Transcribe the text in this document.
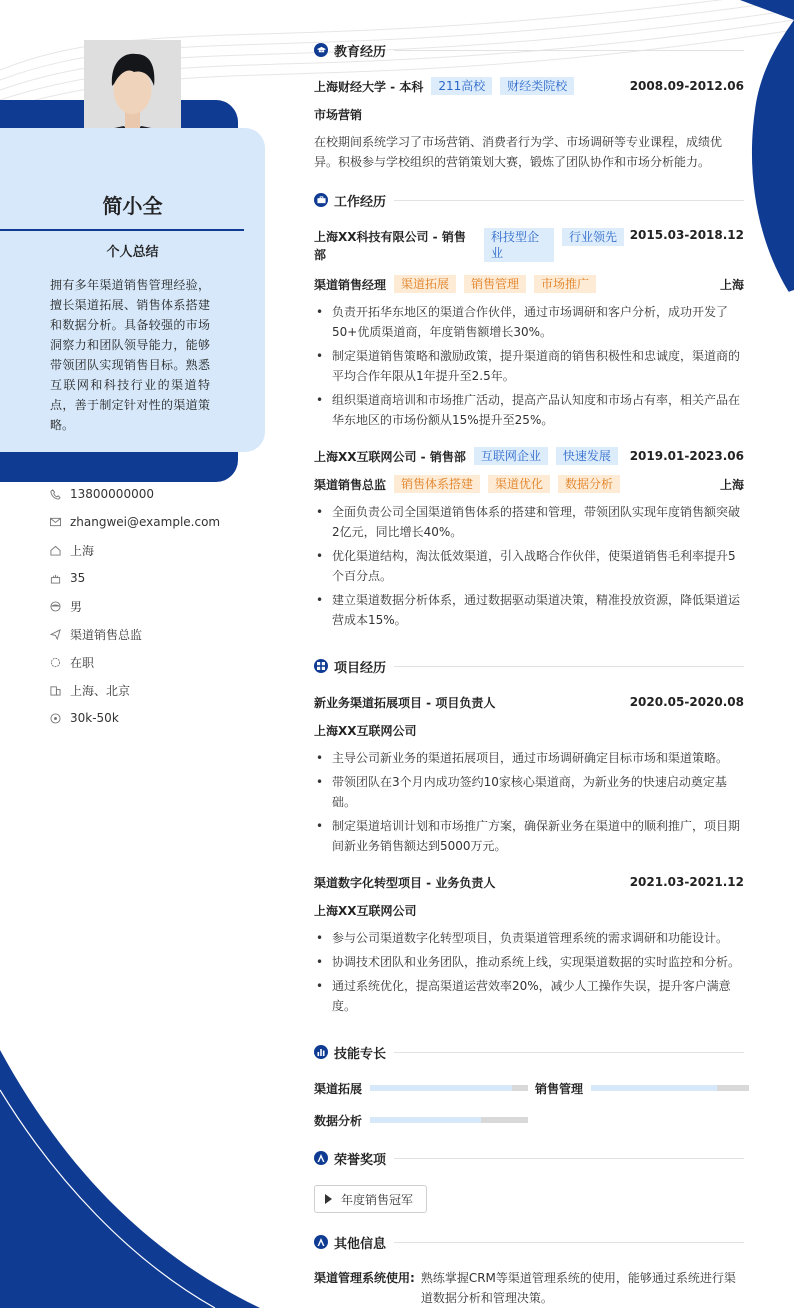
简小全
个人总结
拥有多年渠道销售管理经验，擅长渠道拓展、销售体系搭建和数据分析。具备较强的市场洞察力和团队领导能力，能够带领团队实现销售目标。熟悉互联网和科技行业的渠道特点，善于制定针对性的渠道策略。
13800000000
zhangwei@example.com
上海
35
男
渠道销售总监
在职
上海、北京
30k-50k
教育经历
上海财经大学 - 本科	211高校	财经类院校	2008.09-2012.06
市场营销
在校期间系统学习了市场营销、消费者行为学、市场调研等专业课程，成绩优异。积极参与学校组织的营销策划大赛，锻炼了团队协作和市场分析能力。
工作经历
上海XX科技有限公司 - 销售部
科技型企业
行业领先	2015.03-2018.12
渠道销售经理	渠道拓展	销售管理	市场推广	上海
• 负责开拓华东地区的渠道合作伙伴，通过市场调研和客户分析，成功开发了50+优质渠道商，年度销售额增长30%。
• 制定渠道销售策略和激励政策，提升渠道商的销售积极性和忠诚度，渠道商的平均合作年限从1年提升至2.5年。
• 组织渠道商培训和市场推广活动，提高产品认知度和市场占有率，相关产品在华东地区的市场份额从15%提升至25%。
上海XX互联网公司 - 销售部	互联网企业	快速发展	2019.01-2023.06
渠道销售总监	销售体系搭建	渠道优化	数据分析	上海
• 全面负责公司全国渠道销售体系的搭建和管理，带领团队实现年度销售额突破2亿元，同比增长40%。
• 优化渠道结构，淘汰低效渠道，引入战略合作伙伴，使渠道销售毛利率提升5个百分点。
• 建立渠道数据分析体系，通过数据驱动渠道决策，精准投放资源，降低渠道运营成本15%。
项目经历
新业务渠道拓展项目 - 项目负责人	2020.05-2020.08
上海XX互联网公司
• 主导公司新业务的渠道拓展项目，通过市场调研确定目标市场和渠道策略。
• 带领团队在3个月内成功签约10家核心渠道商，为新业务的快速启动奠定基础。
• 制定渠道培训计划和市场推广方案，确保新业务在渠道中的顺利推广，项目期间新业务销售额达到5000万元。
渠道数字化转型项目 - 业务负责人	2021.03-2021.12
上海XX互联网公司
• 参与公司渠道数字化转型项目，负责渠道管理系统的需求调研和功能设计。
• 协调技术团队和业务团队，推动系统上线，实现渠道数据的实时监控和分析。
• 通过系统优化，提高渠道运营效率20%，减少人工操作失误，提升客户满意度。
技能专长
渠道拓展	销售管理
数据分析
荣誉奖项
年度销售冠军
其他信息
渠道管理系统使用: 熟练掌握CRM等渠道管理系统的使用，能够通过系统进行渠道数据分析和管理决策。
